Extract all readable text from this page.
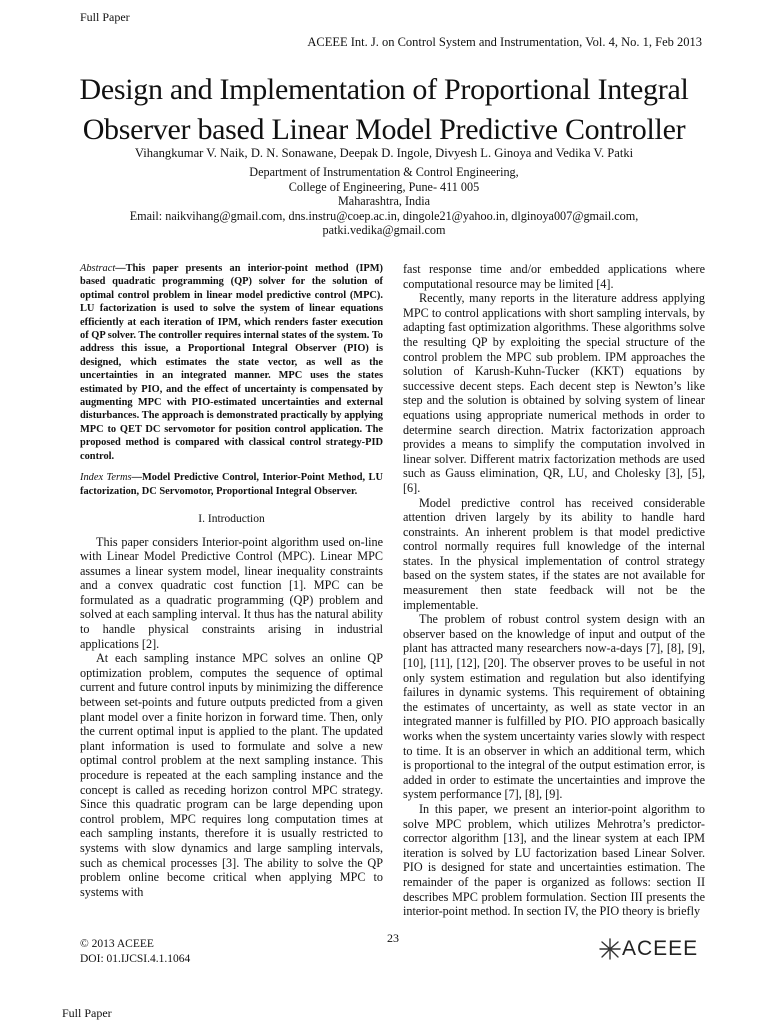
Full Paper
ACEEE Int. J. on Control System and Instrumentation, Vol. 4, No. 1, Feb 2013
Design and Implementation of Proportional Integral
Observer based Linear Model Predictive Controller
Vihangkumar V. Naik, D. N. Sonawane, Deepak D. Ingole, Divyesh L. Ginoya and Vedika V. Patki
Department of Instrumentation & Control Engineering,
College of Engineering, Pune- 411 005
Maharashtra, India
Email: naikvihang@gmail.com, dns.instru@coep.ac.in, dingole21@yahoo.in, dlginoya007@gmail.com,
patki.vedika@gmail.com
Abstract—This paper presents an interior-point method (IPM) based quadratic programming (QP) solver for the solution of optimal control problem in linear model predictive control (MPC). LU factorization is used to solve the system of linear equations efficiently at each iteration of IPM, which renders faster execution of QP solver. The controller requires internal states of the system. To address this issue, a Proportional Integral Observer (PIO) is designed, which estimates the state vector, as well as the uncertainties in an integrated manner. MPC uses the states estimated by PIO, and the effect of uncertainty is compensated by augmenting MPC with PIO-estimated uncertainties and external disturbances. The approach is demonstrated practically by applying MPC to QET DC servomotor for position control application. The proposed method is compared with classical control strategy-PID control.
Index Terms—Model Predictive Control, Interior-Point Method, LU factorization, DC Servomotor, Proportional Integral Observer.
I. Introduction

This paper considers Interior-point algorithm used on-line with Linear Model Predictive Control (MPC). Linear MPC assumes a linear system model, linear inequality constraints and a convex quadratic cost function [1]. MPC can be formulated as a quadratic programming (QP) problem and solved at each sampling interval. It thus has the natural ability to handle physical constraints arising in industrial applications [2].

At each sampling instance MPC solves an online QP optimization problem, computes the sequence of optimal current and future control inputs by minimizing the difference between set-points and future outputs predicted from a given plant model over a finite horizon in forward time. Then, only the current optimal input is applied to the plant. The updated plant information is used to formulate and solve a new optimal control problem at the next sampling instance. This procedure is repeated at the each sampling instance and the concept is called as receding horizon control MPC strategy. Since this quadratic program can be large depending upon control problem, MPC requires long computation times at each sampling instants, therefore it is usually restricted to systems with slow dynamics and large sampling intervals, such as chemical processes [3]. The ability to solve the QP problem online become critical when applying MPC to systems with

fast response time and/or embedded applications where computational resource may be limited [4].

Recently, many reports in the literature address applying MPC to control applications with short sampling intervals, by adapting fast optimization algorithms. These algorithms solve the resulting QP by exploiting the special structure of the control problem the MPC sub problem. IPM approaches the solution of Karush-Kuhn-Tucker (KKT) equations by successive decent steps. Each decent step is Newton’s like step and the solution is obtained by solving system of linear equations using appropriate numerical methods in order to determine search direction. Matrix factorization approach provides a means to simplify the computation involved in linear solver. Different matrix factorization methods are used such as Gauss elimination, QR, LU, and Cholesky [3], [5], [6].

Model predictive control has received considerable attention driven largely by its ability to handle hard constraints. An inherent problem is that model predictive control normally requires full knowledge of the internal states. In the physical implementation of control strategy based on the system states, if the states are not available for measurement then state feedback will not be the implementable.

The problem of robust control system design with an observer based on the knowledge of input and output of the plant has attracted many researchers now-a-days [7], [8], [9], [10], [11], [12], [20]. The observer proves to be useful in not only system estimation and regulation but also identifying failures in dynamic systems. This requirement of obtaining the estimates of uncertainty, as well as state vector in an integrated manner is fulfilled by PIO. PIO approach basically works when the system uncertainty varies slowly with respect to time. It is an observer in which an additional term, which is proportional to the integral of the output estimation error, is added in order to estimate the uncertainties and improve the system performance [7], [8], [9].

In this paper, we present an interior-point algorithm to solve MPC problem, which utilizes Mehrotra’s predictor-corrector algorithm [13], and the linear system at each IPM iteration is solved by LU factorization based Linear Solver. PIO is designed for state and uncertainties estimation. The remainder of the paper is organized as follows: section II describes MPC problem formulation. Section III presents the interior-point method. In section IV, the PIO theory is briefly

© 2013 ACEEE
DOI: 01.IJCSI.4.1.1064
23	ACEEE
Full Paper
